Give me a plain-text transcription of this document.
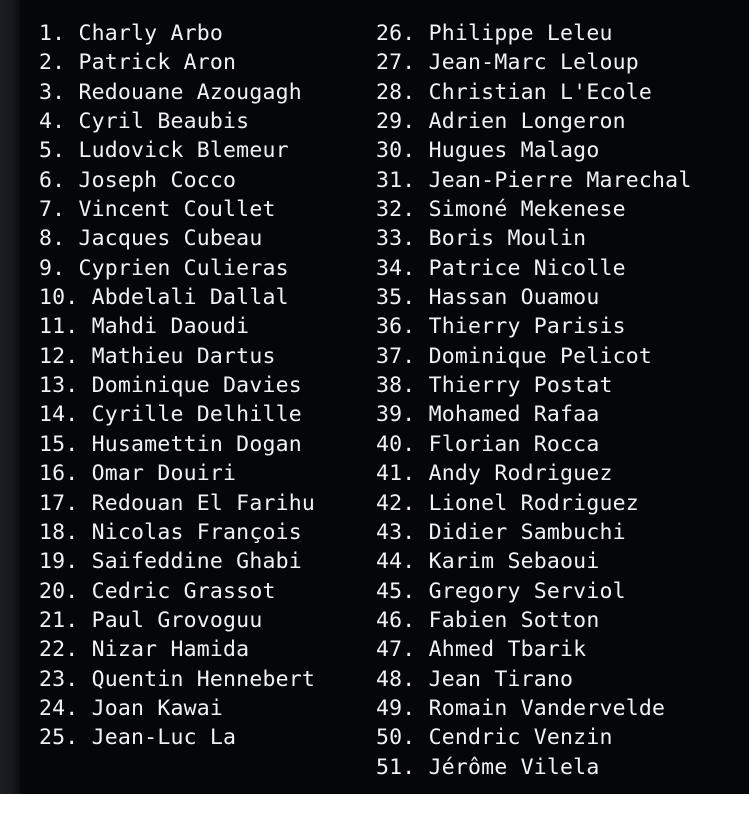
1. Charly Arbo
2. Patrick Aron
3. Redouane Azougagh
4. Cyril Beaubis
5. Ludovick Blemeur
6. Joseph Cocco
7. Vincent Coullet
8. Jacques Cubeau
9. Cyprien Culieras
10. Abdelali Dallal
11. Mahdi Daoudi
12. Mathieu Dartus
13. Dominique Davies
14. Cyrille Delhille
15. Husamettin Dogan
16. Omar Douiri
17. Redouan El Farihu
18. Nicolas François
19. Saifeddine Ghabi
20. Cedric Grassot
21. Paul Grovoguu
22. Nizar Hamida
23. Quentin Hennebert
24. Joan Kawai
25. Jean-Luc La
26. Philippe Leleu
27. Jean-Marc Leloup
28. Christian L'Ecole
29. Adrien Longeron
30. Hugues Malago
31. Jean-Pierre Marechal
32. Simoné Mekenese
33. Boris Moulin
34. Patrice Nicolle
35. Hassan Ouamou
36. Thierry Parisis
37. Dominique Pelicot
38. Thierry Postat
39. Mohamed Rafaa
40. Florian Rocca
41. Andy Rodriguez
42. Lionel Rodriguez
43. Didier Sambuchi
44. Karim Sebaoui
45. Gregory Serviol
46. Fabien Sotton
47. Ahmed Tbarik
48. Jean Tirano
49. Romain Vandervelde
50. Cendric Venzin
51. Jérôme Vilela
